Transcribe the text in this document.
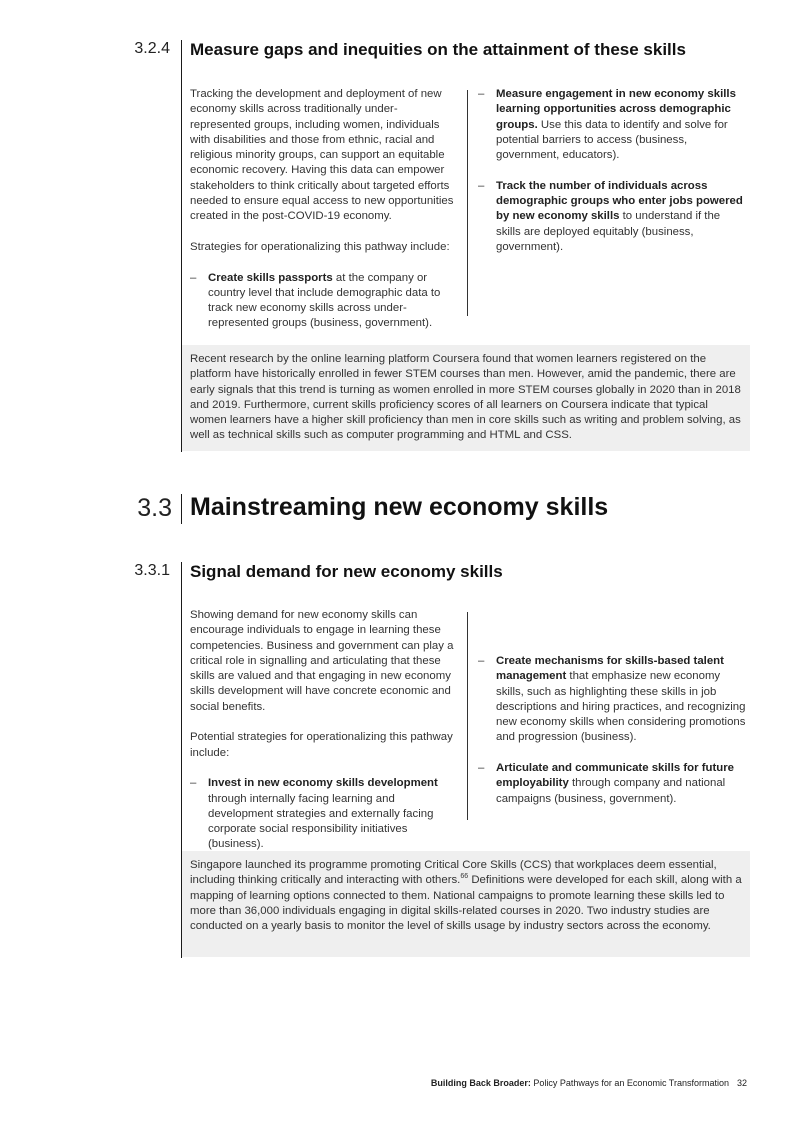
3.2.4 Measure gaps and inequities on the attainment of these skills

Tracking the development and deployment of new economy skills across traditionally under-represented groups, including women, individuals with disabilities and those from ethnic, racial and religious minority groups, can support an equitable economic recovery. Having this data can empower stakeholders to think critically about targeted efforts needed to ensure equal access to new opportunities created in the post-COVID-19 economy.

Strategies for operationalizing this pathway include:

– Create skills passports at the company or country level that include demographic data to track new economy skills across under-represented groups (business, government).
– Measure engagement in new economy skills learning opportunities across demographic groups. Use this data to identify and solve for potential barriers to access (business, government, educators).
– Track the number of individuals across demographic groups who enter jobs powered by new economy skills to understand if the skills are deployed equitably (business, government).
Recent research by the online learning platform Coursera found that women learners registered on the platform have historically enrolled in fewer STEM courses than men. However, amid the pandemic, there are early signals that this trend is turning as women enrolled in more STEM courses globally in 2020 than in 2018 and 2019. Furthermore, current skills proficiency scores of all learners on Coursera indicate that typical women learners have a higher skill proficiency than men in core skills such as writing and problem solving, as well as technical skills such as computer programming and HTML and CSS.
3.3 Mainstreaming new economy skills
3.3.1 Signal demand for new economy skills

Showing demand for new economy skills can encourage individuals to engage in learning these competencies. Business and government can play a critical role in signalling and articulating that these skills are valued and that engaging in new economy skills development will have concrete economic and social benefits.

Potential strategies for operationalizing this pathway include:

– Invest in new economy skills development through internally facing learning and development strategies and externally facing corporate social responsibility initiatives (business).
– Create mechanisms for skills-based talent management that emphasize new economy skills, such as highlighting these skills in job descriptions and hiring practices, and recognizing new economy skills when considering promotions and progression (business).
– Articulate and communicate skills for future employability through company and national campaigns (business, government).
Singapore launched its programme promoting Critical Core Skills (CCS) that workplaces deem essential, including thinking critically and interacting with others.$^{66}$ Definitions were developed for each skill, along with a mapping of learning options connected to them. National campaigns to promote learning these skills led to more than 36,000 individuals engaging in digital skills-related courses in 2020. Two industry studies are conducted on a yearly basis to monitor the level of skills usage by industry sectors across the economy.
Building Back Broader: Policy Pathways for an Economic Transformation 32
